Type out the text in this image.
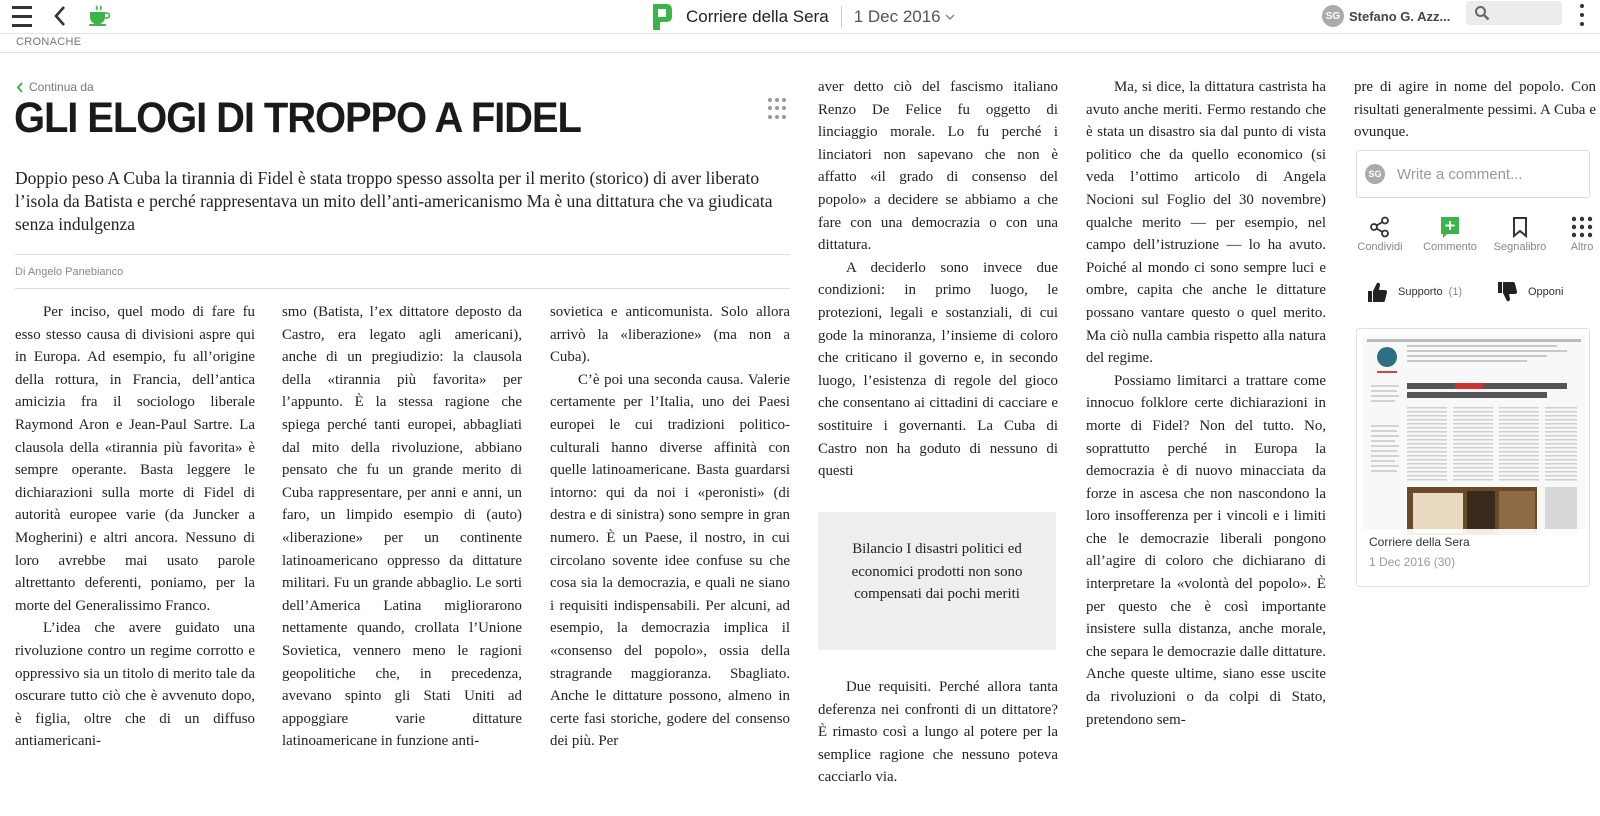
Corriere della Sera 1 Dec 2016	SG Stefano G. Azz...
CRONACHE
Continua da
GLI ELOGI DI TROPPO A FIDEL

Doppio peso A Cuba la tirannia di Fidel è stata troppo spesso assolta per il merito (storico) di aver liberato l’isola da Batista e perché rappresentava un mito dell’anti-americanismo Ma è una dittatura che va giudicata senza indulgenza

Di Angelo Panebianco

Per inciso, quel modo di fare fu esso stesso causa di divisioni aspre qui in Europa. Ad esempio, fu all’origine della rottura, in Francia, dell’antica amicizia fra il sociologo liberale Raymond Aron e Jean-Paul Sartre. La clausola della «tirannia più favorita» è sempre operante. Basta leggere le dichiarazioni sulla morte di Fidel di autorità europee varie (da Juncker a Mogherini) e altri ancora. Nessuno di loro avrebbe mai usato parole altrettanto deferenti, poniamo, per la morte del Generalissimo Franco.

L’idea che avere guidato una rivoluzione contro un regime corrotto e oppressivo sia un titolo di merito tale da oscurare tutto ciò che è avvenuto dopo, è figlia, oltre che di un diffuso antiamericani-

smo (Batista, l’ex dittatore deposto da Castro, era legato agli americani), anche di un pregiudizio: la clausola della «tirannia più favorita» per l’appunto. È la stessa ragione che spiega perché tanti europei, abbagliati dal mito della rivoluzione, abbiano pensato che fu un grande merito di Cuba rappresentare, per anni e anni, un faro, un limpido esempio di (auto) «liberazione» per un continente latinoamericano oppresso da dittature militari. Fu un grande abbaglio. Le sorti dell’America Latina migliorarono nettamente quando, crollata l’Unione Sovietica, vennero meno le ragioni geopolitiche che, in precedenza, avevano spinto gli Stati Uniti ad appoggiare varie dittature latinoamericane in funzione anti-

sovietica e anticomunista. Solo allora arrivò la «liberazione» (ma non a Cuba).

C’è poi una seconda causa. Valerie certamente per l’Italia, uno dei Paesi europei le cui tradizioni politico-culturali hanno diverse affinità con quelle latinoamericane. Basta guardarsi intorno: qui da noi i «peronisti» (di destra e di sinistra) sono sempre in gran numero. È un Paese, il nostro, in cui circolano sovente idee confuse su che cosa sia la democrazia, e quali ne siano i requisiti indispensabili. Per alcuni, ad esempio, la democrazia implica il «consenso del popolo», ossia della stragrande maggioranza. Sbagliato. Anche le dittature possono, almeno in certe fasi storiche, godere del consenso dei più. Per

aver detto ciò del fascismo italiano Renzo De Felice fu oggetto di linciaggio morale. Lo fu perché i linciatori non sapevano che non è affatto «il grado di consenso del popolo» a decidere se abbiamo a che fare con una democrazia o con una dittatura.

A deciderlo sono invece due condizioni: in primo luogo, le protezioni, legali e sostanziali, di cui gode la minoranza, l’insieme di coloro che criticano il governo e, in secondo luogo, l’esistenza di regole del gioco che consentano ai cittadini di cacciare e sostituire i governanti. La Cuba di Castro non ha goduto di nessuno di questi

Bilancio I disastri politici ed economici prodotti non sono compensati dai pochi meriti

Due requisiti. Perché allora tanta deferenza nei confronti di un dittatore? È rimasto così a lungo al potere per la semplice ragione che nessuno poteva cacciarlo via.

Ma, si dice, la dittatura castrista ha avuto anche meriti. Fermo restando che è stata un disastro sia dal punto di vista politico che da quello economico (si veda l’ottimo articolo di Angela Nocioni sul Foglio del 30 novembre) qualche merito — per esempio, nel campo dell’istruzione — lo ha avuto. Poiché al mondo ci sono sempre luci e ombre, capita che anche le dittature possano vantare questo o quel merito. Ma ciò nulla cambia rispetto alla natura del regime.

Possiamo limitarci a trattare come innocuo folklore certe dichiarazioni in morte di Fidel? Non del tutto. No, soprattutto perché in Europa la democrazia è di nuovo minacciata da forze in ascesa che non nascondono la loro insofferenza per i vincoli e i limiti che le democrazie liberali pongono all’agire di coloro che dichiarano di interpretare la «volontà del popolo». È per questo che è così importante insistere sulla distanza, anche morale, che separa le democrazie dalle dittature. Anche queste ultime, siano esse uscite da rivoluzioni o da colpi di Stato, pretendono sem-

pre di agire in nome del popolo. Con risultati generalmente pessimi. A Cuba e ovunque.

SG Write a comment...
Condividi	Commento	Segnalibro	Altro
Supporto (1)	Opponi
Corriere della Sera
1 Dec 2016 (30)
